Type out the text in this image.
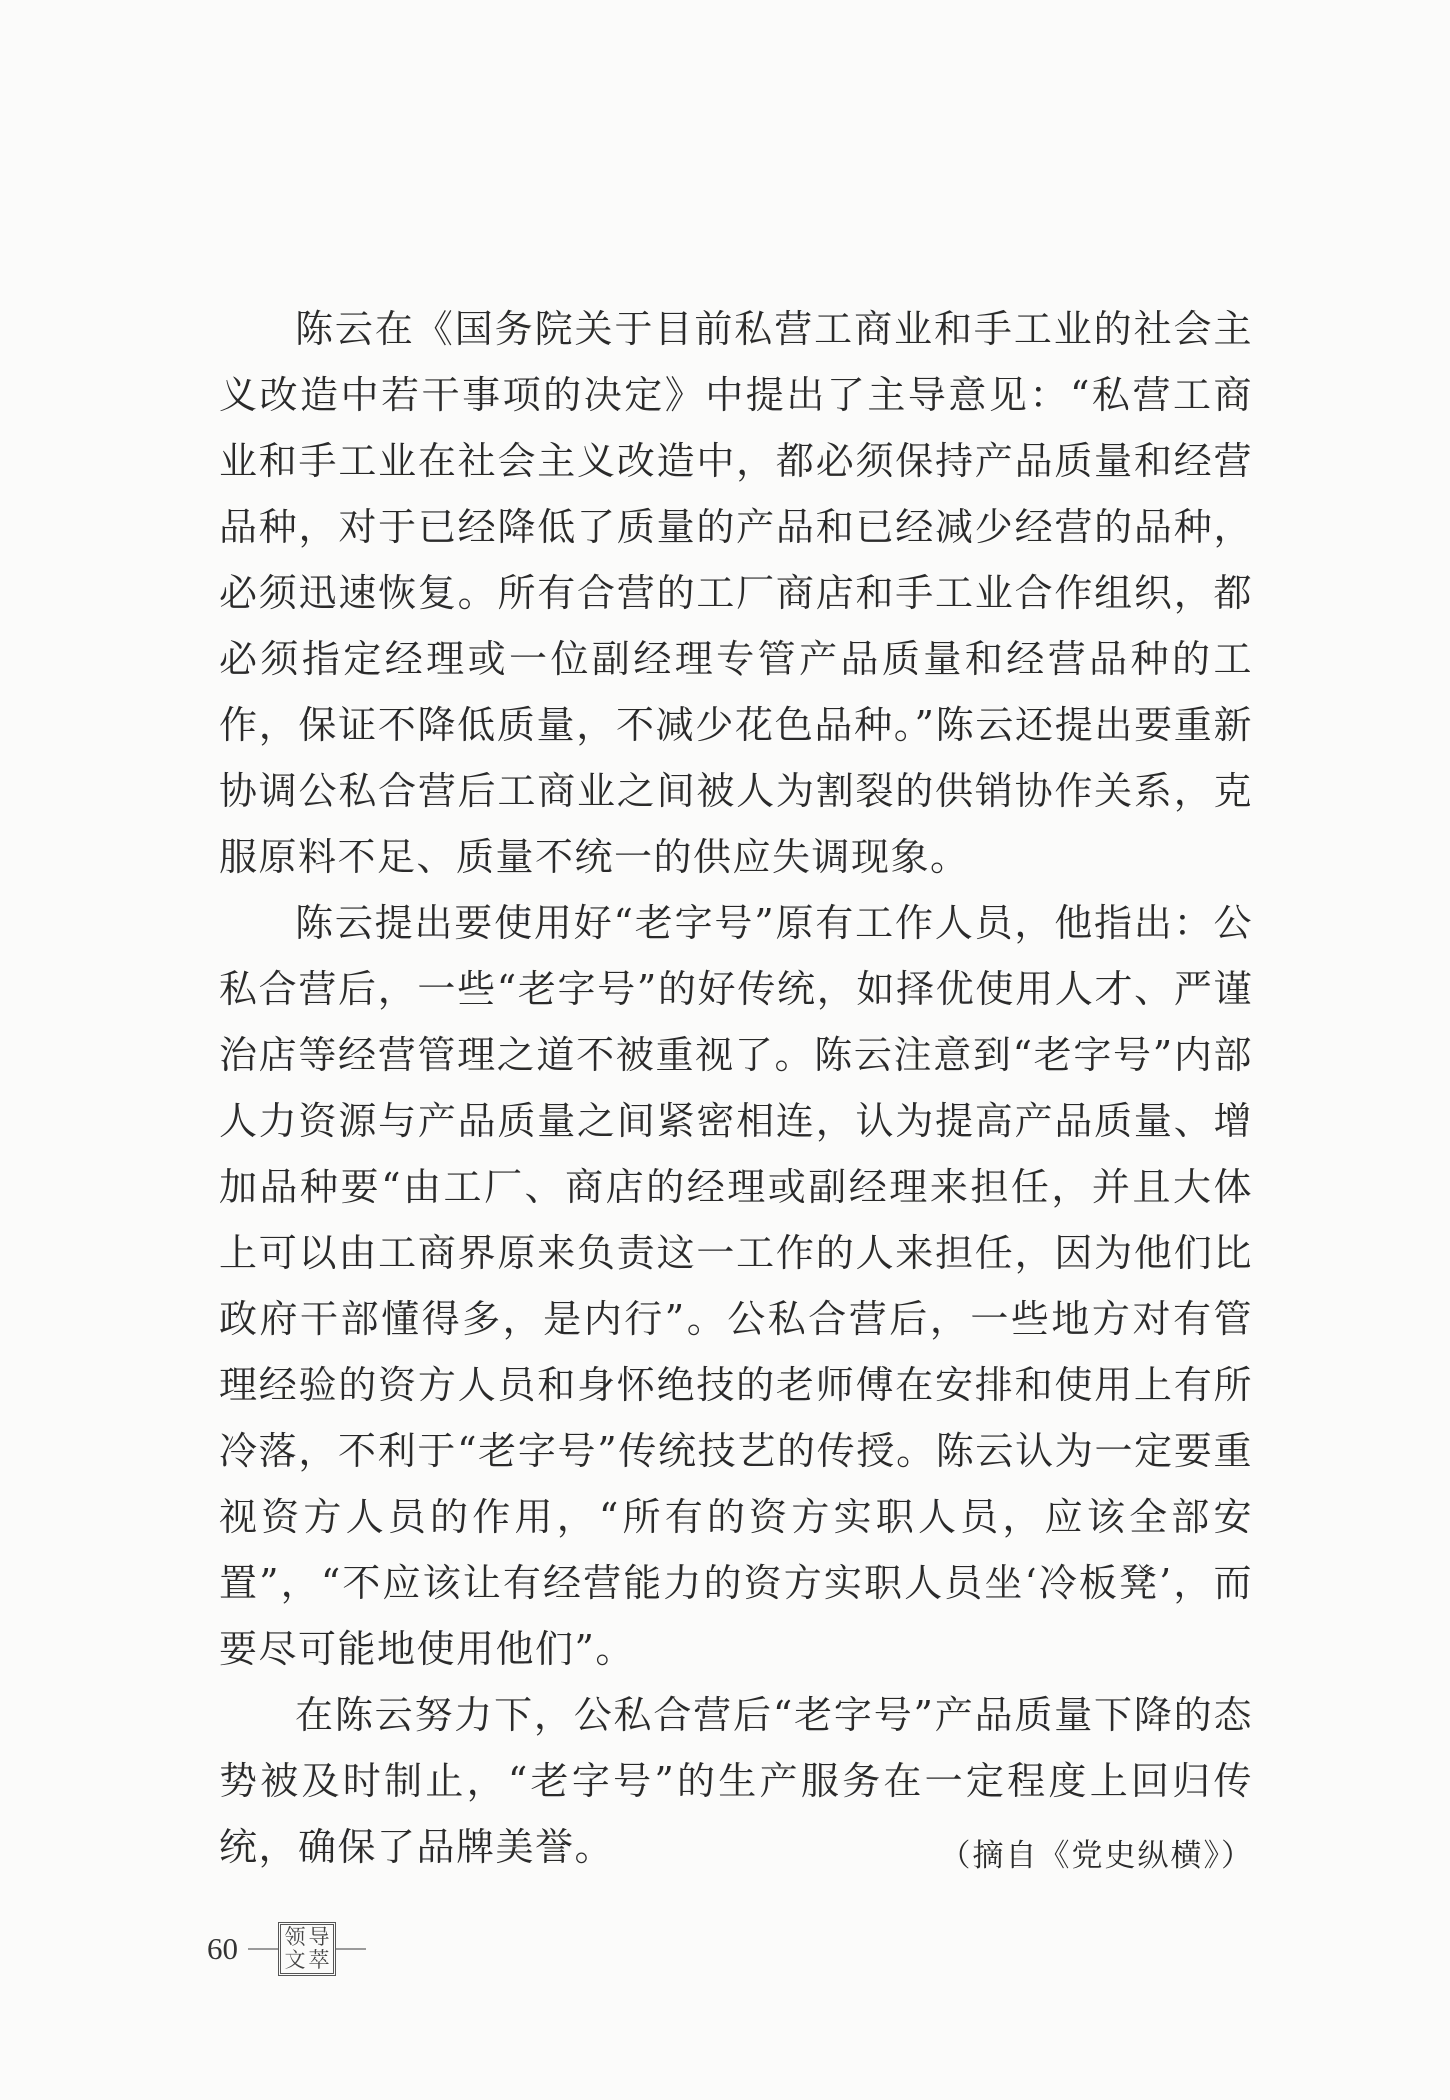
陈云在《国务院关于目前私营工商业和手工业的社会主义改造中若干事项的决定》中提出了主导意见：“私营工商业和手工业在社会主义改造中，都必须保持产品质量和经营品种，对于已经降低了质量的产品和已经减少经营的品种，必须迅速恢复。所有合营的工厂商店和手工业合作组织，都必须指定经理或一位副经理专管产品质量和经营品种的工作，保证不降低质量，不减少花色品种。”陈云还提出要重新协调公私合营后工商业之间被人为割裂的供销协作关系，克服原料不足、质量不统一的供应失调现象。

陈云提出要使用好“老字号”原有工作人员，他指出：公私合营后，一些“老字号”的好传统，如择优使用人才、严谨治店等经营管理之道不被重视了。陈云注意到“老字号”内部人力资源与产品质量之间紧密相连，认为提高产品质量、增加品种要“由工厂、商店的经理或副经理来担任，并且大体上可以由工商界原来负责这一工作的人来担任，因为他们比政府干部懂得多，是内行”。公私合营后，一些地方对有管理经验的资方人员和身怀绝技的老师傅在安排和使用上有所冷落，不利于“老字号”传统技艺的传授。陈云认为一定要重视资方人员的作用，“所有的资方实职人员，应该全部安置”，“不应该让有经营能力的资方实职人员坐‘冷板凳’，而要尽可能地使用他们”。

在陈云努力下，公私合营后“老字号”产品质量下降的态势被及时制止，“老字号”的生产服务在一定程度上回归传统，确保了品牌美誉。	（摘自《党史纵横》）
60 领 导
文 萃
